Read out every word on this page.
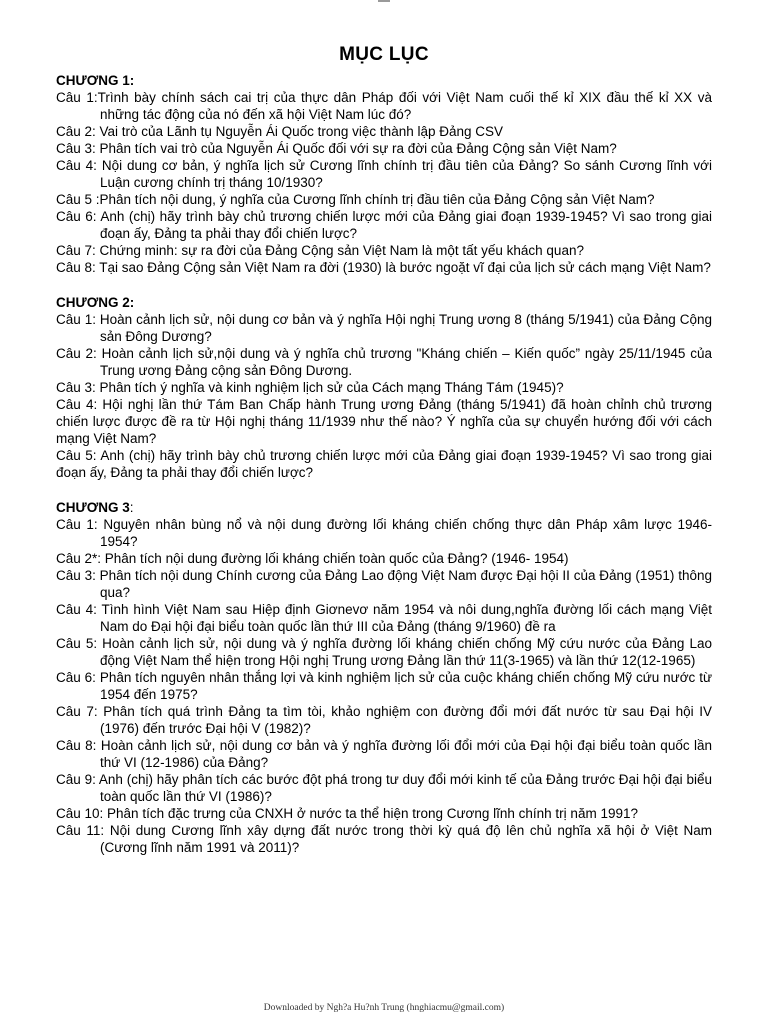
MỤC LỤC
CHƯƠNG 1:
Câu 1:Trình bày chính sách cai trị của thực dân Pháp đối với Việt Nam cuối thế kỉ XIX đầu thế kỉ XX và những tác động của nó đến xã hội Việt Nam lúc đó?
Câu 2: Vai trò của Lãnh tụ Nguyễn Ái Quốc trong việc thành lập Đảng CSV
Câu 3: Phân tích vai trò của Nguyễn Ái Quốc đối với sự ra đời của Đảng Cộng sản Việt Nam?
Câu 4: Nội dung cơ bản, ý nghĩa lịch sử Cương lĩnh chính trị đầu tiên của Đảng? So sánh Cương lĩnh với Luận cương chính trị tháng 10/1930?
Câu 5 :Phân tích nội dung, ý nghĩa của Cương lĩnh chính trị đầu tiên của Đảng Cộng sản Việt Nam?
Câu 6: Anh (chị) hãy trình bày chủ trương chiến lược mới của Đảng giai đoạn 1939-1945? Vì sao trong giai đoạn ấy, Đảng ta phải thay đổi chiến lược?
Câu 7: Chứng minh: sự ra đời của Đảng Cộng sản Việt Nam là một tất yếu khách quan?
Câu 8: Tại sao Đảng Cộng sản Việt Nam ra đời (1930) là bước ngoặt vĩ đại của lịch sử cách mạng Việt Nam?
CHƯƠNG 2:
Câu 1: Hoàn cảnh lịch sử, nội dung cơ bản và ý nghĩa Hội nghị Trung ương 8 (tháng 5/1941) của Đảng Cộng sản Đông Dương?
Câu 2: Hoàn cảnh lịch sử,nội dung và ý nghĩa chủ trương "Kháng chiến – Kiến quốc” ngày 25/11/1945 của Trung ương Đảng cộng sản Đông Dương.
Câu 3: Phân tích ý nghĩa và kinh nghiệm lịch sử của Cách mạng Tháng Tám (1945)?
Câu 4: Hội nghị lần thứ Tám Ban Chấp hành Trung ương Đảng (tháng 5/1941) đã hoàn chỉnh chủ trương chiến lược được đề ra từ Hội nghị tháng 11/1939 như thế nào? Ý nghĩa của sự chuyển hướng đối với cách mạng Việt Nam?
Câu 5: Anh (chị) hãy trình bày chủ trương chiến lược mới của Đảng giai đoạn 1939-1945? Vì sao trong giai đoạn ấy, Đảng ta phải thay đổi chiến lược?
CHƯƠNG 3:
Câu 1: Nguyên nhân bùng nổ và nội dung đường lối kháng chiến chống thực dân Pháp xâm lược 1946-1954?
Câu 2*: Phân tích nội dung đường lối kháng chiến toàn quốc của Đảng? (1946- 1954)
Câu 3: Phân tích nội dung Chính cương của Đảng Lao động Việt Nam được Đại hội II của Đảng (1951) thông qua?
Câu 4: Tình hình Việt Nam sau Hiệp định Giơnevơ năm 1954 và nôi dung,nghĩa đường lối cách mạng Việt Nam do Đại hội đại biểu toàn quốc lần thứ III của Đảng (tháng 9/1960) đề ra
Câu 5: Hoàn cảnh lịch sử, nội dung và ý nghĩa đường lối kháng chiến chống Mỹ cứu nước của Đảng Lao động Việt Nam thể hiện trong Hội nghị Trung ương Đảng lần thứ 11(3-1965) và lần thứ 12(12-1965)
Câu 6: Phân tích nguyên nhân thắng lợi và kinh nghiệm lịch sử của cuộc kháng chiến chống Mỹ cứu nước từ 1954 đến 1975?
Câu 7: Phân tích quá trình Đảng ta tìm tòi, khảo nghiệm con đường đổi mới đất nước từ sau Đại hội IV (1976) đến trước Đại hội V (1982)?
Câu 8: Hoàn cảnh lịch sử, nội dung cơ bản và ý nghĩa đường lối đổi mới của Đại hội đại biểu toàn quốc lần thứ VI (12-1986) của Đảng?
Câu 9: Anh (chị) hãy phân tích các bước đột phá trong tư duy đổi mới kinh tế của Đảng trước Đại hội đại biểu toàn quốc lần thứ VI (1986)?
Câu 10: Phân tích đặc trưng của CNXH ở nước ta thể hiện trong Cương lĩnh chính trị năm 1991?
Câu 11: Nội dung Cương lĩnh xây dựng đất nước trong thời kỳ quá độ lên chủ nghĩa xã hội ở Việt Nam (Cương lĩnh năm 1991 và 2011)?
Downloaded by Ngh?a Hu?nh Trung (hnghiacmu@gmail.com)
